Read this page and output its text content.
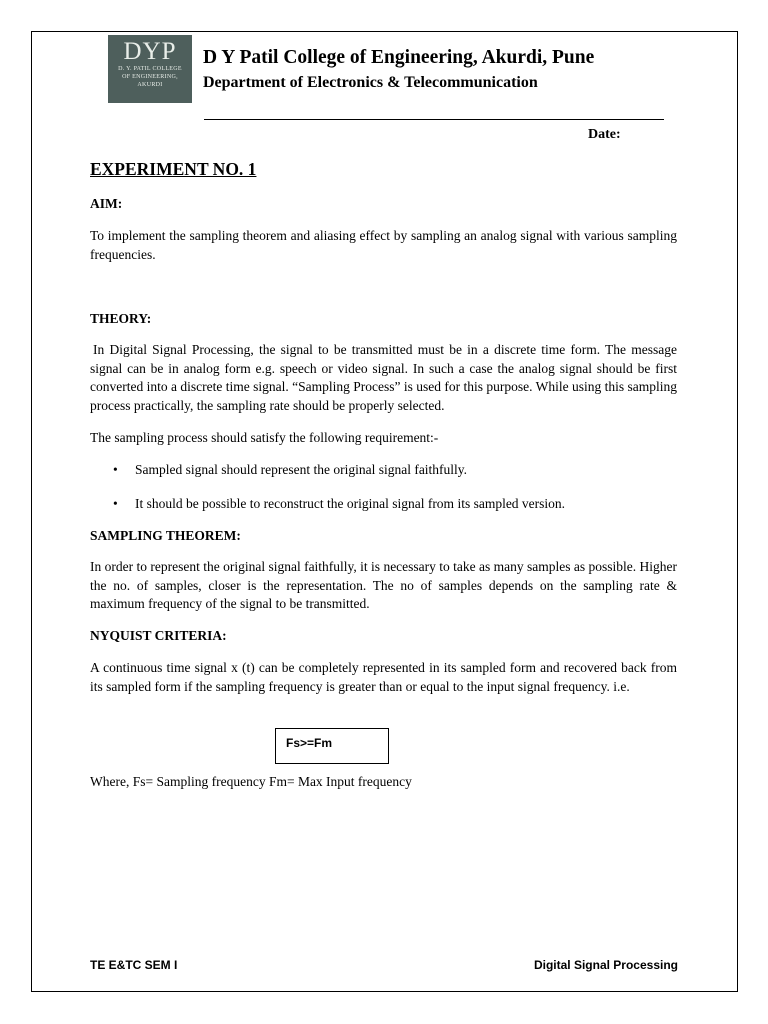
DYP
D. Y. PATIL COLLEGE
OF ENGINEERING,
AKURDI
D Y Patil College of Engineering, Akurdi, Pune
Department of Electronics & Telecommunication
Date:
EXPERIMENT NO. 1
AIM:
To implement the sampling theorem and aliasing effect by sampling an analog signal with various sampling frequencies.
THEORY:
In Digital Signal Processing, the signal to be transmitted must be in a discrete time form. The message signal can be in analog form e.g. speech or video signal. In such a case the analog signal should be first converted into a discrete time signal. “Sampling Process” is used for this purpose. While using this sampling process practically, the sampling rate should be properly selected.
The sampling process should satisfy the following requirement:-
• Sampled signal should represent the original signal faithfully.
• It should be possible to reconstruct the original signal from its sampled version.
SAMPLING THEOREM:
In order to represent the original signal faithfully, it is necessary to take as many samples as possible. Higher the no. of samples, closer is the representation. The no of samples depends on the sampling rate & maximum frequency of the signal to be transmitted.
NYQUIST CRITERIA:
A continuous time signal x (t) can be completely represented in its sampled form and recovered back from its sampled form if the sampling frequency is greater than or equal to the input signal frequency. i.e.
Fs>=Fm
Where, Fs= Sampling frequency Fm= Max Input frequency
TE E&TC SEM I	Digital Signal Processing
